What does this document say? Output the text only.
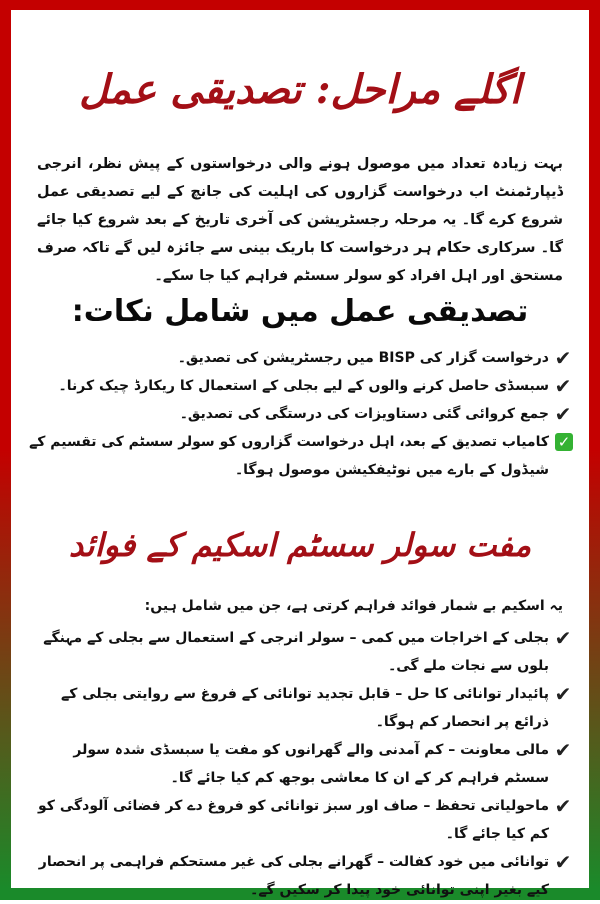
اگلے مراحل: تصدیقی عمل
بہت زیادہ تعداد میں موصول ہونے والی درخواستوں کے پیش نظر، انرجی ڈیپارٹمنٹ اب درخواست گزاروں کی اہلیت کی جانچ کے لیے تصدیقی عمل شروع کرے گا۔ یہ مرحلہ رجسٹریشن کی آخری تاریخ کے بعد شروع کیا جائے گا۔ سرکاری حکام ہر درخواست کا باریک بینی سے جائزہ لیں گے تاکہ صرف مستحق اور اہل افراد کو سولر سسٹم فراہم کیا جا سکے۔
تصدیقی عمل میں شامل نکات:
✔
درخواست گزار کی BISP میں رجسٹریشن کی تصدیق۔
✔
سبسڈی حاصل کرنے والوں کے لیے بجلی کے استعمال کا ریکارڈ چیک کرنا۔
✔
جمع کروائی گئی دستاویزات کی درستگی کی تصدیق۔
✓
کامیاب تصدیق کے بعد، اہل درخواست گزاروں کو سولر سسٹم کی تقسیم کے شیڈول کے بارے میں نوٹیفکیشن موصول ہوگا۔
مفت سولر سسٹم اسکیم کے فوائد
یہ اسکیم بے شمار فوائد فراہم کرتی ہے، جن میں شامل ہیں:
✔
بجلی کے اخراجات میں کمی – سولر انرجی کے استعمال سے بجلی کے مہنگے بلوں سے نجات ملے گی۔
✔
پائیدار توانائی کا حل – قابل تجدید توانائی کے فروغ سے روایتی بجلی کے ذرائع پر انحصار کم ہوگا۔
✔
مالی معاونت – کم آمدنی والے گھرانوں کو مفت یا سبسڈی شدہ سولر سسٹم فراہم کر کے ان کا معاشی بوجھ کم کیا جائے گا۔
✔
ماحولیاتی تحفظ – صاف اور سبز توانائی کو فروغ دے کر فضائی آلودگی کو کم کیا جائے گا۔
✔
توانائی میں خود کفالت – گھرانے بجلی کی غیر مستحکم فراہمی پر انحصار کیے بغیر اپنی توانائی خود پیدا کر سکیں گے۔
